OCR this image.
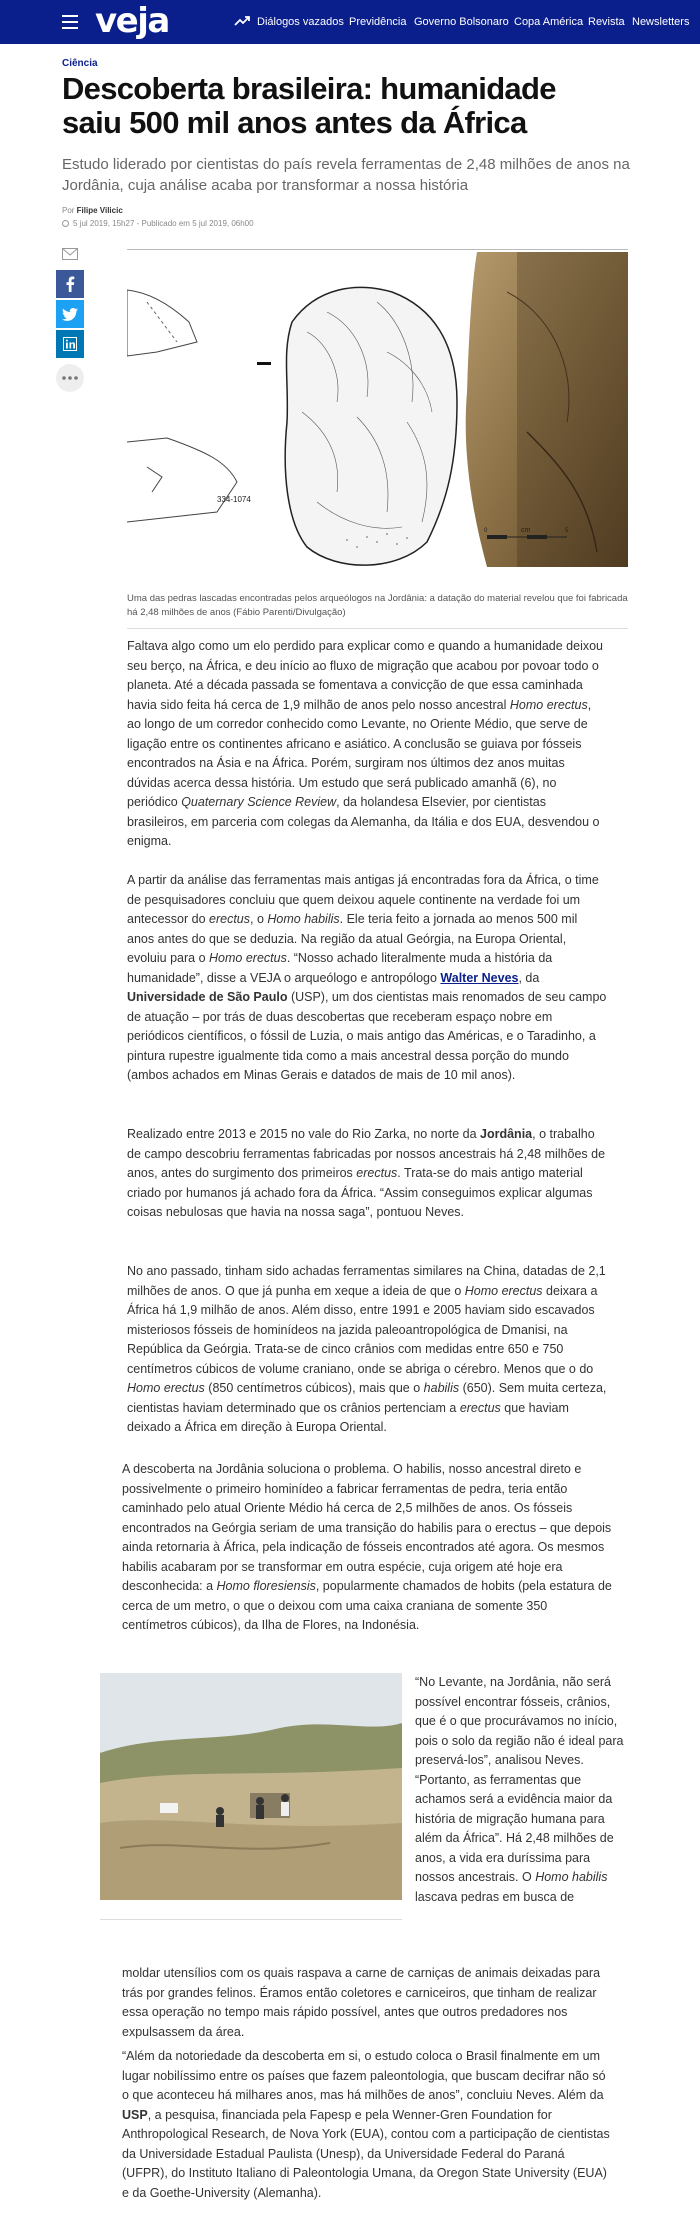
veja	Diálogos vazados Previdência Governo Bolsonaro Copa América Revista Newsletters
Ciência
Descoberta brasileira: humanidade saiu 500 mil anos antes da África

Estudo liderado por cientistas do país revela ferramentas de 2,48 milhões de anos na Jordânia, cuja análise acaba por transformar a nossa história

Por Filipe Vilicic
5 jul 2019, 15h27 - Publicado em 5 jul 2019, 06h00
334-1074
cm
0	5
Uma das pedras lascadas encontradas pelos arqueólogos na Jordânia: a datação do material revelou que foi fabricada há 2,48 milhões de anos (Fábio Parenti/Divulgação)

Faltava algo como um elo perdido para explicar como e quando a humanidade deixou seu berço, na África, e deu início ao fluxo de migração que acabou por povoar todo o planeta. Até a década passada se fomentava a convicção de que essa caminhada havia sido feita há cerca de 1,9 milhão de anos pelo nosso ancestral Homo erectus, ao longo de um corredor conhecido como Levante, no Oriente Médio, que serve de ligação entre os continentes africano e asiático. A conclusão se guiava por fósseis encontrados na Ásia e na África. Porém, surgiram nos últimos dez anos muitas dúvidas acerca dessa história. Um estudo que será publicado amanhã (6), no periódico Quaternary Science Review, da holandesa Elsevier, por cientistas brasileiros, em parceria com colegas da Alemanha, da Itália e dos EUA, desvendou o enigma.

A partir da análise das ferramentas mais antigas já encontradas fora da África, o time de pesquisadores concluiu que quem deixou aquele continente na verdade foi um antecessor do erectus, o Homo habilis. Ele teria feito a jornada ao menos 500 mil anos antes do que se deduzia. Na região da atual Geórgia, na Europa Oriental, evoluiu para o Homo erectus. “Nosso achado literalmente muda a história da humanidade”, disse a VEJA o arqueólogo e antropólogo Walter Neves, da Universidade de São Paulo (USP), um dos cientistas mais renomados de seu campo de atuação – por trás de duas descobertas que receberam espaço nobre em periódicos científicos, o fóssil de Luzia, o mais antigo das Américas, e o Taradinho, a pintura rupestre igualmente tida como a mais ancestral dessa porção do mundo (ambos achados em Minas Gerais e datados de mais de 10 mil anos).

Realizado entre 2013 e 2015 no vale do Rio Zarka, no norte da Jordânia, o trabalho de campo descobriu ferramentas fabricadas por nossos ancestrais há 2,48 milhões de anos, antes do surgimento dos primeiros erectus. Trata-se do mais antigo material criado por humanos já achado fora da África. “Assim conseguimos explicar algumas coisas nebulosas que havia na nossa saga”, pontuou Neves.

No ano passado, tinham sido achadas ferramentas similares na China, datadas de 2,1 milhões de anos. O que já punha em xeque a ideia de que o Homo erectus deixara a África há 1,9 milhão de anos. Além disso, entre 1991 e 2005 haviam sido escavados misteriosos fósseis de hominídeos na jazida paleoantropológica de Dmanisi, na República da Geórgia. Trata-se de cinco crânios com medidas entre 650 e 750 centímetros cúbicos de volume craniano, onde se abriga o cérebro. Menos que o do Homo erectus (850 centímetros cúbicos), mais que o habilis (650). Sem muita certeza, cientistas haviam determinado que os crânios pertenciam a erectus que haviam deixado a África em direção à Europa Oriental.

A descoberta na Jordânia soluciona o problema. O habilis, nosso ancestral direto e possivelmente o primeiro hominídeo a fabricar ferramentas de pedra, teria então caminhado pelo atual Oriente Médio há cerca de 2,5 milhões de anos. Os fósseis encontrados na Geórgia seriam de uma transição do habilis para o erectus – que depois ainda retornaria à África, pela indicação de fósseis encontrados até agora. Os mesmos habilis acabaram por se transformar em outra espécie, cuja origem até hoje era desconhecida: a Homo floresiensis, popularmente chamados de hobits (pela estatura de cerca de um metro, o que o deixou com uma caixa craniana de somente 350 centímetros cúbicos), da Ilha de Flores, na Indonésia.

“No Levante, na Jordânia, não será possível encontrar fósseis, crânios, que é o que procurávamos no início, pois o solo da região não é ideal para preservá-los”, analisou Neves. “Portanto, as ferramentas que achamos será a evidência maior da história de migração humana para além da África”. Há 2,48 milhões de anos, a vida era duríssima para nossos ancestrais. O Homo habilis lascava pedras em busca de

moldar utensílios com os quais raspava a carne de carniças de animais deixadas para trás por grandes felinos. Éramos então coletores e carniceiros, que tinham de realizar essa operação no tempo mais rápido possível, antes que outros predadores nos expulsassem da área.

“Além da notoriedade da descoberta em si, o estudo coloca o Brasil finalmente em um lugar nobilíssimo entre os países que fazem paleontologia, que buscam decifrar não só o que aconteceu há milhares anos, mas há milhões de anos”, concluiu Neves. Além da USP, a pesquisa, financiada pela Fapesp e pela Wenner-Gren Foundation for Anthropological Research, de Nova York (EUA), contou com a participação de cientistas da Universidade Estadual Paulista (Unesp), da Universidade Federal do Paraná (UFPR), do Instituto Italiano di Paleontologia Umana, da Oregon State University (EUA) e da Goethe-University (Alemanha).
